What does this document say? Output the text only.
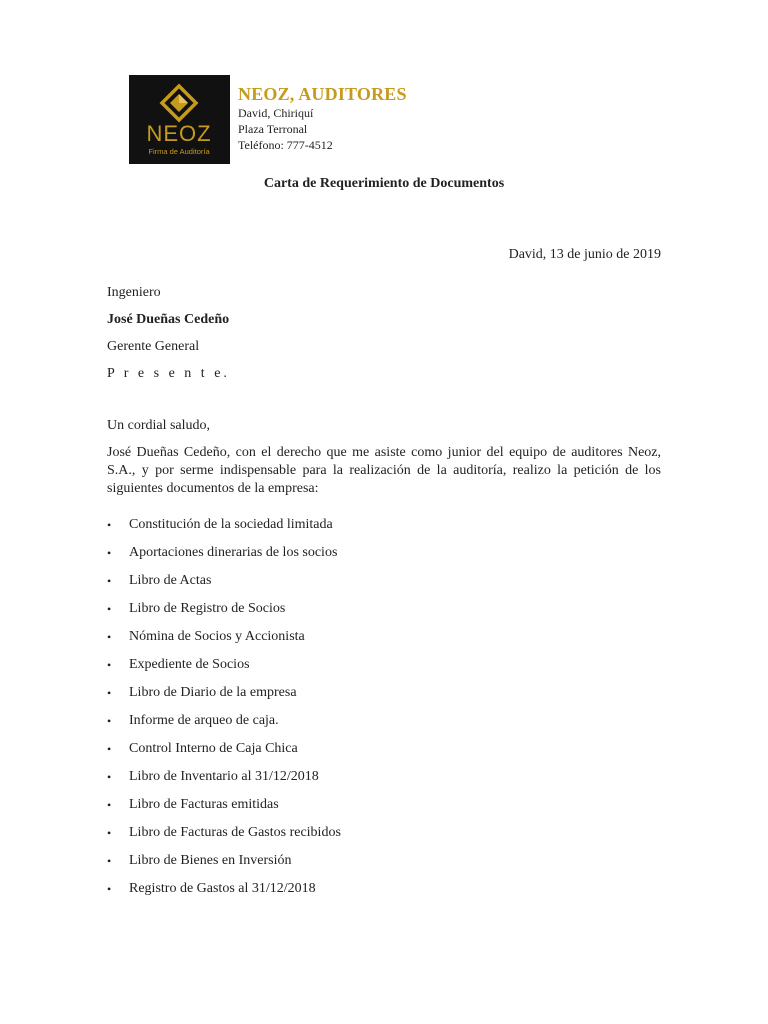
NEOZ
Firma de Auditoría
NEOZ, AUDITORES
David, Chiriquí
Plaza Terronal
Teléfono: 777-4512
Carta de Requerimiento de Documentos
David, 13 de junio de 2019
Ingeniero
José Dueñas Cedeño
Gerente General
P r e s e n t e.
Un cordial saludo,
José Dueñas Cedeño, con el derecho que me asiste como junior del equipo de auditores Neoz, S.A., y por serme indispensable para la realización de la auditoría, realizo la petición de los siguientes documentos de la empresa:
• Constitución de la sociedad limitada
• Aportaciones dinerarias de los socios
• Libro de Actas
• Libro de Registro de Socios
• Nómina de Socios y Accionista
• Expediente de Socios
• Libro de Diario de la empresa
• Informe de arqueo de caja.
• Control Interno de Caja Chica
• Libro de Inventario al 31/12/2018
• Libro de Facturas emitidas
• Libro de Facturas de Gastos recibidos
• Libro de Bienes en Inversión
• Registro de Gastos al 31/12/2018
